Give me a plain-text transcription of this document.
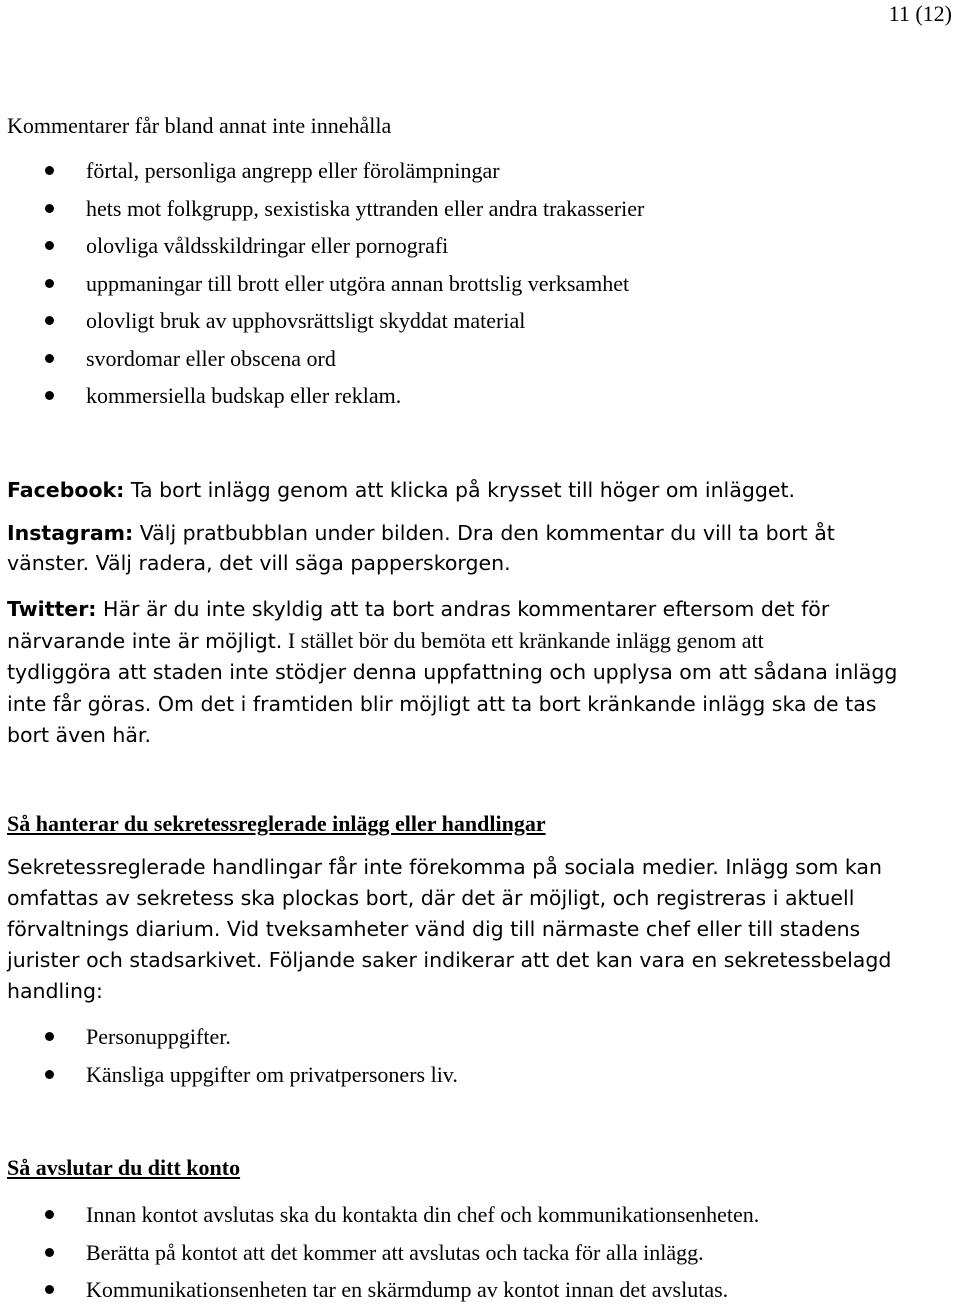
11 (12)

Kommentarer får bland annat inte innehålla

förtal, personliga angrepp eller förolämpningar
hets mot folkgrupp, sexistiska yttranden eller andra trakasserier
olovliga våldsskildringar eller pornografi
uppmaningar till brott eller utgöra annan brottslig verksamhet
olovligt bruk av upphovsrättsligt skyddat material
svordomar eller obscena ord
kommersiella budskap eller reklam.

Facebook: Ta bort inlägg genom att klicka på krysset till höger om inlägget.

Instagram: Välj pratbubblan under bilden. Dra den kommentar du vill ta bort åt

vänster. Välj radera, det vill säga papperskorgen.

Twitter: Här är du inte skyldig att ta bort andras kommentarer eftersom det för

närvarande inte är möjligt. I stället bör du bemöta ett kränkande inlägg genom att

tydliggöra att staden inte stödjer denna uppfattning och upplysa om att sådana inlägg

inte får göras. Om det i framtiden blir möjligt att ta bort kränkande inlägg ska de tas

bort även här.

Så hanterar du sekretessreglerade inlägg eller handlingar

Sekretessreglerade handlingar får inte förekomma på sociala medier. Inlägg som kan

omfattas av sekretess ska plockas bort, där det är möjligt, och registreras i aktuell

förvaltnings diarium. Vid tveksamheter vänd dig till närmaste chef eller till stadens

jurister och stadsarkivet. Följande saker indikerar att det kan vara en sekretessbelagd

handling:

Personuppgifter.
Känsliga uppgifter om privatpersoners liv.
Så avslutar du ditt konto
Innan kontot avslutas ska du kontakta din chef och kommunikationsenheten.
Berätta på kontot att det kommer att avslutas och tacka för alla inlägg.
Kommunikationsenheten tar en skärmdump av kontot innan det avslutas.
